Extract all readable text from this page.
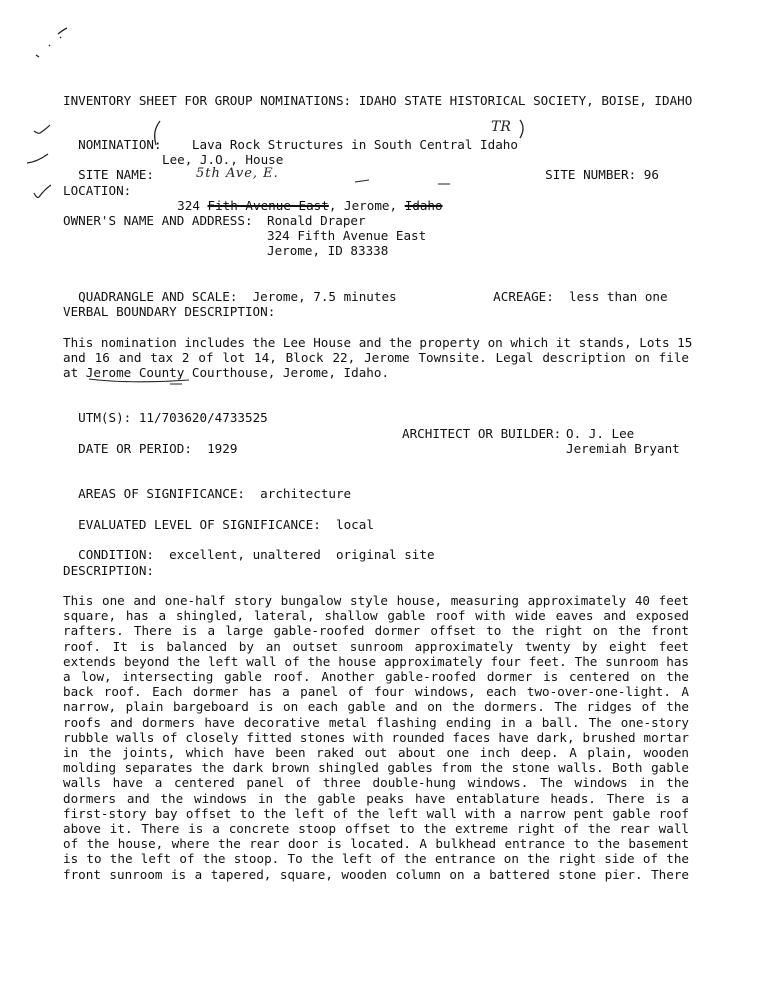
INVENTORY SHEET FOR GROUP NOMINATIONS: IDAHO STATE HISTORICAL SOCIETY, BOISE, IDAHO

NOMINATION: Lava Rock Structures in South Central Idaho

TR

SITE NAME:

Lee, J.O., House

SITE NUMBER: 96

5th Ave, E.
LOCATION:

324 Fith Avenue East, Jerome, Idaho

OWNER'S NAME AND ADDRESS: Ronald Draper
324 Fifth Avenue East
Jerome, ID 83338

QUADRANGLE AND SCALE: Jerome, 7.5 minutes	ACREAGE: less than one

VERBAL BOUNDARY DESCRIPTION:
This nomination includes the Lee House and the property on which it stands, Lots 15
and 16 and tax 2 of lot 14, Block 22, Jerome Townsite. Legal description on file
at Jerome County Courthouse, Jerome, Idaho.

UTM(S): 11/703620/4733525

DATE OR PERIOD: 1929

ARCHITECT OR BUILDER: O. J. Lee
Jeremiah Bryant

AREAS OF SIGNIFICANCE: architecture

EVALUATED LEVEL OF SIGNIFICANCE: local

CONDITION: excellent, unaltered  original site

DESCRIPTION:
This one and one-half story bungalow style house, measuring approximately 40 feet
square, has a shingled, lateral, shallow gable roof with wide eaves and exposed
rafters. There is a large gable-roofed dormer offset to the right on the front
roof. It is balanced by an outset sunroom approximately twenty by eight feet
extends beyond the left wall of the house approximately four feet. The sunroom has
a low, intersecting gable roof. Another gable-roofed dormer is centered on the
back roof. Each dormer has a panel of four windows, each two-over-one-light. A
narrow, plain bargeboard is on each gable and on the dormers. The ridges of the
roofs and dormers have decorative metal flashing ending in a ball. The one-story
rubble walls of closely fitted stones with rounded faces have dark, brushed mortar
in the joints, which have been raked out about one inch deep. A plain, wooden
molding separates the dark brown shingled gables from the stone walls. Both gable
walls have a centered panel of three double-hung windows. The windows in the
dormers and the windows in the gable peaks have entablature heads. There is a
first-story bay offset to the left of the left wall with a narrow pent gable roof
above it. There is a concrete stoop offset to the extreme right of the rear wall
of the house, where the rear door is located. A bulkhead entrance to the basement
is to the left of the stoop. To the left of the entrance on the right side of the
front sunroom is a tapered, square, wooden column on a battered stone pier. There
